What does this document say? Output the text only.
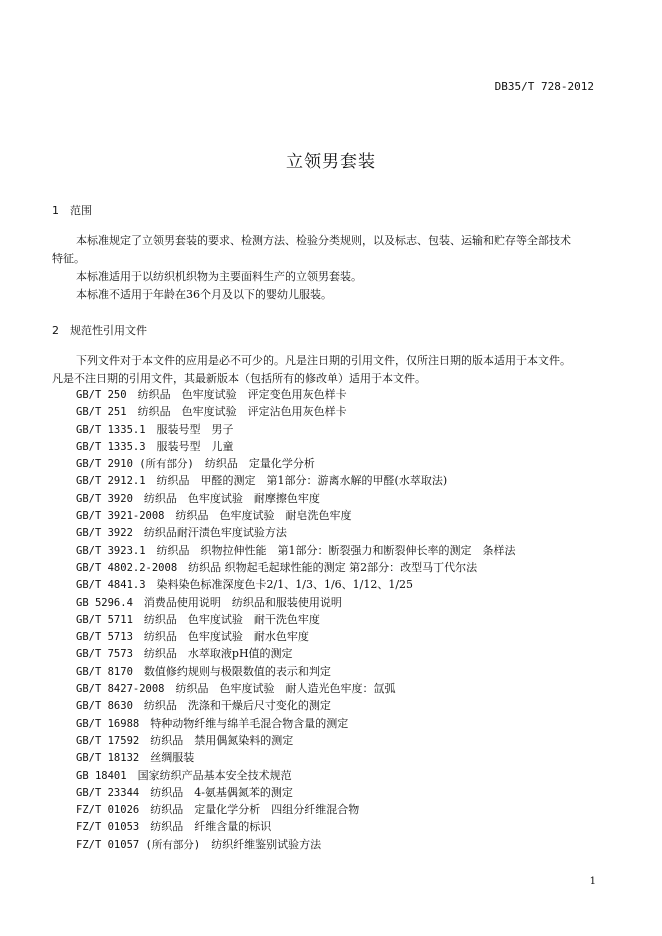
DB35/T 728-2012
立领男套装
1 范围
本标准规定了立领男套装的要求、检测方法、检验分类规则，以及标志、包装、运输和贮存等全部技术
特征。
本标准适用于以纺织机织物为主要面料生产的立领男套装。
本标准不适用于年龄在36个月及以下的婴幼儿服装。
2 规范性引用文件
下列文件对于本文件的应用是必不可少的。凡是注日期的引用文件，仅所注日期的版本适用于本文件。
凡是不注日期的引用文件，其最新版本（包括所有的修改单）适用于本文件。
GB/T 250　 纺织品　色牢度试验　评定变色用灰色样卡
GB/T 251　 纺织品　色牢度试验　评定沾色用灰色样卡
GB/T 1335.1　 服装号型　男子
GB/T 1335.3　 服装号型　儿童
GB/T 2910 (所有部分)　 纺织品　定量化学分析
GB/T 2912.1　 纺织品　甲醛的测定　第1部分：游离水解的甲醛(水萃取法)
GB/T 3920　 纺织品　色牢度试验　耐摩擦色牢度
GB/T 3921-2008　 纺织品　色牢度试验　耐皂洗色牢度
GB/T 3922　 纺织品耐汗渍色牢度试验方法
GB/T 3923.1　 纺织品　织物拉伸性能　第1部分：断裂强力和断裂伸长率的测定　条样法
GB/T 4802.2-2008　 纺织品 织物起毛起球性能的测定 第2部分：改型马丁代尔法
GB/T 4841.3　 染料染色标准深度色卡2/1、1/3、1/6、1/12、1/25
GB 5296.4　 消费品使用说明　纺织品和服装使用说明
GB/T 5711　 纺织品　色牢度试验　耐干洗色牢度
GB/T 5713　 纺织品　色牢度试验　耐水色牢度
GB/T 7573　 纺织品　水萃取液pH值的测定
GB/T 8170　 数值修约规则与极限数值的表示和判定
GB/T 8427-2008　 纺织品　色牢度试验　耐人造光色牢度：氙弧
GB/T 8630　 纺织品　洗涤和干燥后尺寸变化的测定
GB/T 16988　 特种动物纤维与绵羊毛混合物含量的测定
GB/T 17592　 纺织品　禁用偶氮染料的测定
GB/T 18132　 丝绸服装
GB 18401　 国家纺织产品基本安全技术规范
GB/T 23344　 纺织品　4-氨基偶氮苯的测定
FZ/T 01026　 纺织品　定量化学分析　四组分纤维混合物
FZ/T 01053　 纺织品　纤维含量的标识
FZ/T 01057 (所有部分)　 纺织纤维鉴别试验方法
1
